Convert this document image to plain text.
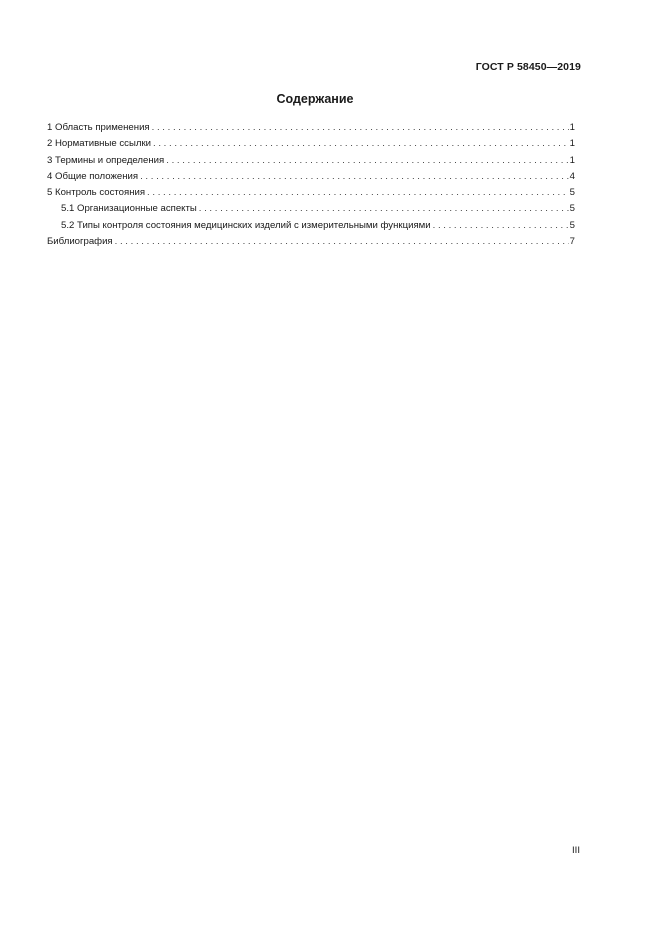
ГОСТ Р 58450—2019
Содержание
1 Область применения . . .	1
2 Нормативные ссылки . . .	1
3 Термины и определения . . .	1
4 Общие положения . . .	4
5 Контроль состояния . . .	5
5.1 Организационные аспекты . . .	5
5.2 Типы контроля состояния медицинских изделий с измерительными функциями . . .	5
Библиография . . .	7
III
